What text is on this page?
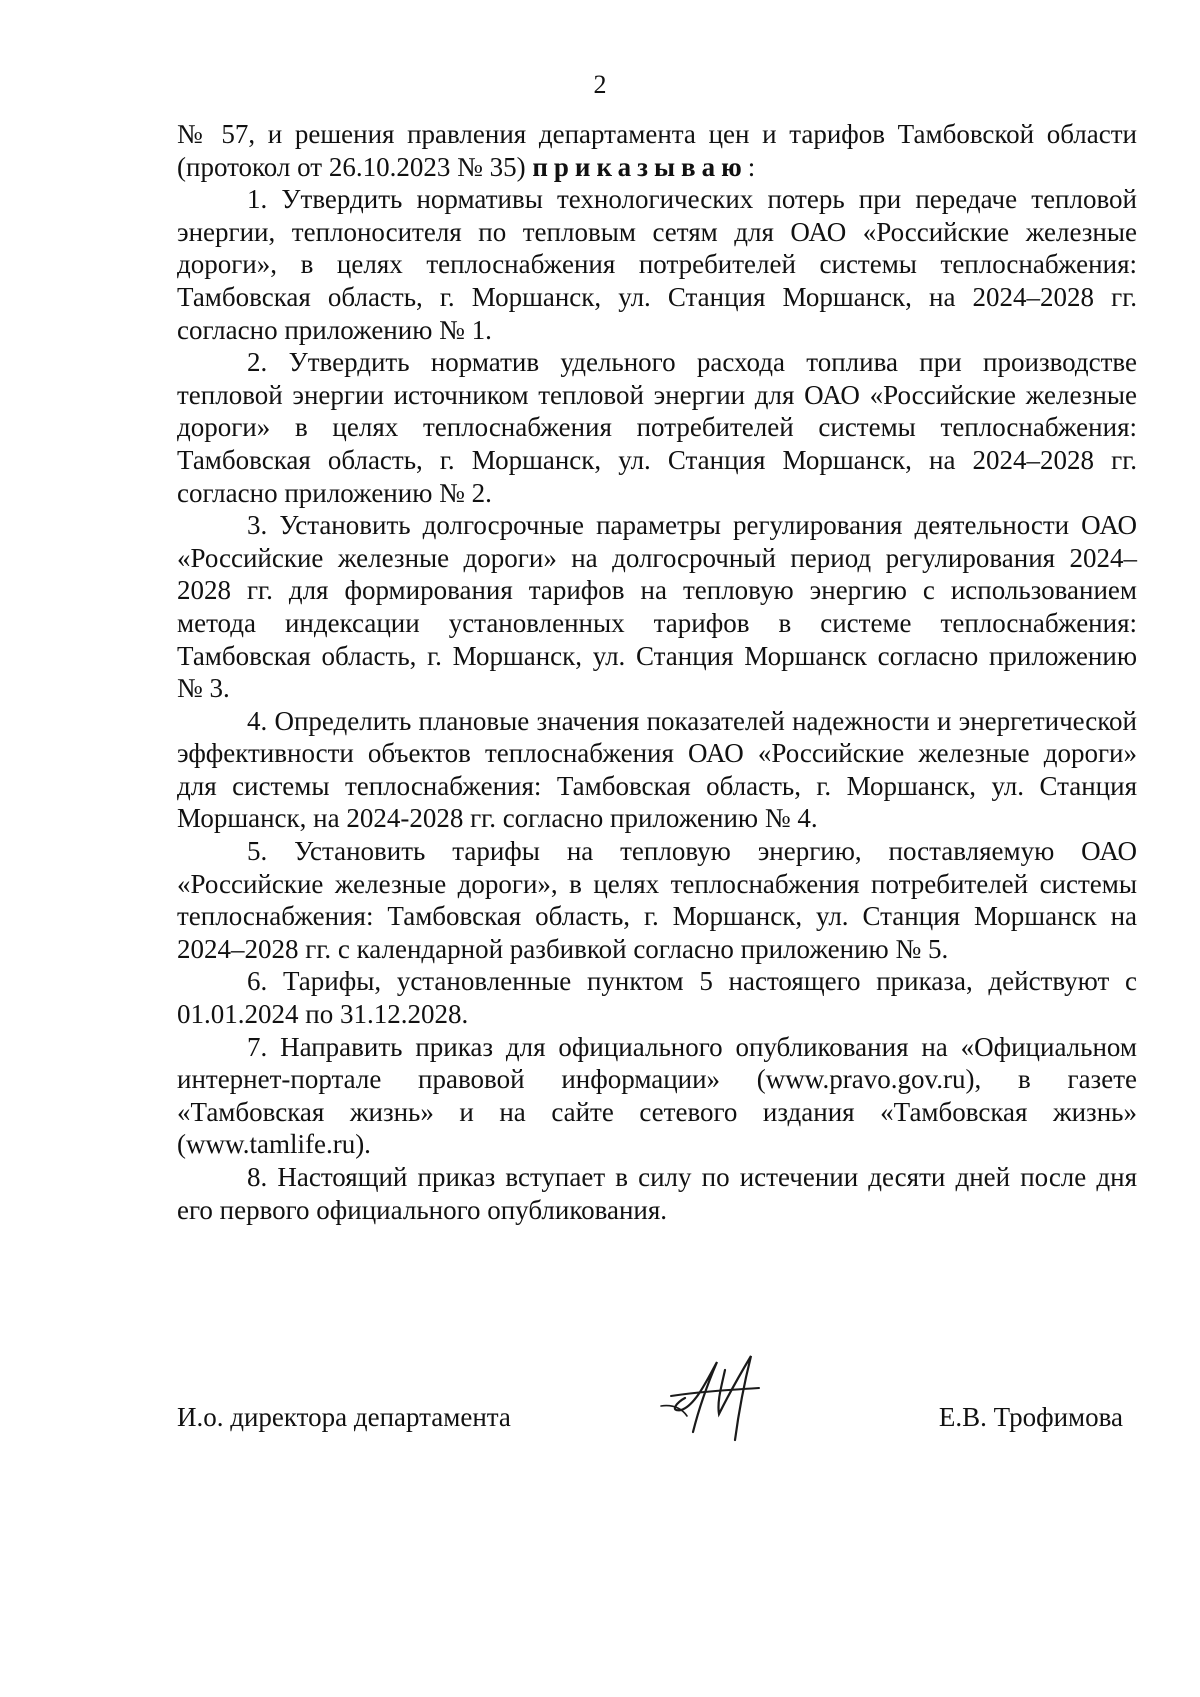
2

№ 57, и решения правления департамента цен и тарифов Тамбовской области (протокол от 26.10.2023 № 35) приказываю:

1. Утвердить нормативы технологических потерь при передаче тепловой энергии, теплоносителя по тепловым сетям для ОАО «Российские железные дороги», в целях теплоснабжения потребителей системы теплоснабжения: Тамбовская область, г. Моршанск, ул. Станция Моршанск, на 2024–2028 гг. согласно приложению № 1.

2. Утвердить норматив удельного расхода топлива при производстве тепловой энергии источником тепловой энергии для ОАО «Российские железные дороги» в целях теплоснабжения потребителей системы теплоснабжения: Тамбовская область, г. Моршанск, ул. Станция Моршанск, на 2024–2028 гг. согласно приложению № 2.

3. Установить долгосрочные параметры регулирования деятельности ОАО «Российские железные дороги» на долгосрочный период регулирования 2024–2028 гг. для формирования тарифов на тепловую энергию с использованием метода индексации установленных тарифов в системе теплоснабжения: Тамбовская область, г. Моршанск, ул. Станция Моршанск согласно приложению № 3.

4. Определить плановые значения показателей надежности и энергетической эффективности объектов теплоснабжения ОАО «Российские железные дороги» для системы теплоснабжения: Тамбовская область, г. Моршанск, ул. Станция Моршанск, на 2024-2028 гг. согласно приложению № 4.

5. Установить тарифы на тепловую энергию, поставляемую ОАО «Российские железные дороги», в целях теплоснабжения потребителей системы теплоснабжения: Тамбовская область, г. Моршанск, ул. Станция Моршанск на 2024–2028 гг. с календарной разбивкой согласно приложению № 5.

6. Тарифы, установленные пунктом 5 настоящего приказа, действуют с 01.01.2024 по 31.12.2028.

7. Направить приказ для официального опубликования на «Официальном интернет-портале правовой информации» (www.pravo.gov.ru), в газете «Тамбовская жизнь» и на сайте сетевого издания «Тамбовская жизнь» (www.tamlife.ru).

8. Настоящий приказ вступает в силу по истечении десяти дней после дня его первого официального опубликования.

И.о. директора департамента	Е.В. Трофимова
